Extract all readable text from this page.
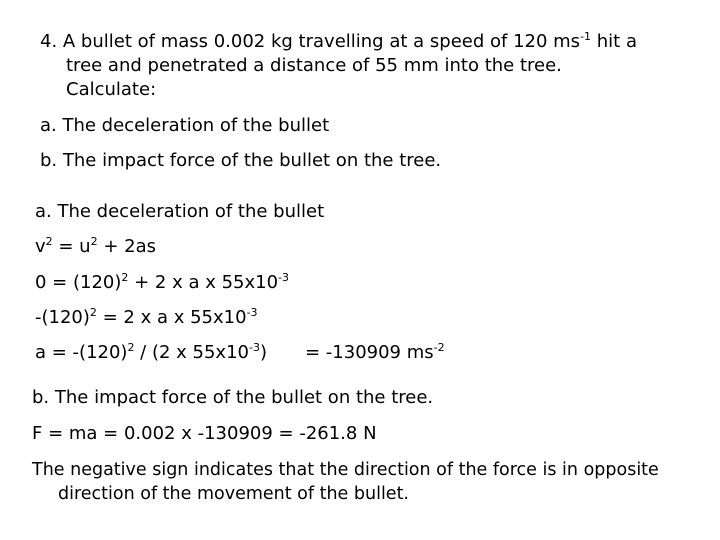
4. A bullet of mass 0.002 kg travelling at a speed of 120 $ms^{-1}$ hit a
tree and penetrated a distance of 55 mm into the tree.
Calculate:
a. The deceleration of the bullet
b. The impact force of the bullet on the tree.
a. The deceleration of the bullet
$v^2 = u^2 + 2as$
$0 = (120)^2 + 2$ x a x $55x10^{-3}$
$-(120)^2 = 2$ x a x $55x10^{-3}$
$a = -(120)^2 / (2$ x $55x10^{-3}) = -130909$ $ms^{-2}$
b. The impact force of the bullet on the tree.
F = ma = 0.002 x -130909 = -261.8 N
The negative sign indicates that the direction of the force is in opposite
direction of the movement of the bullet.
